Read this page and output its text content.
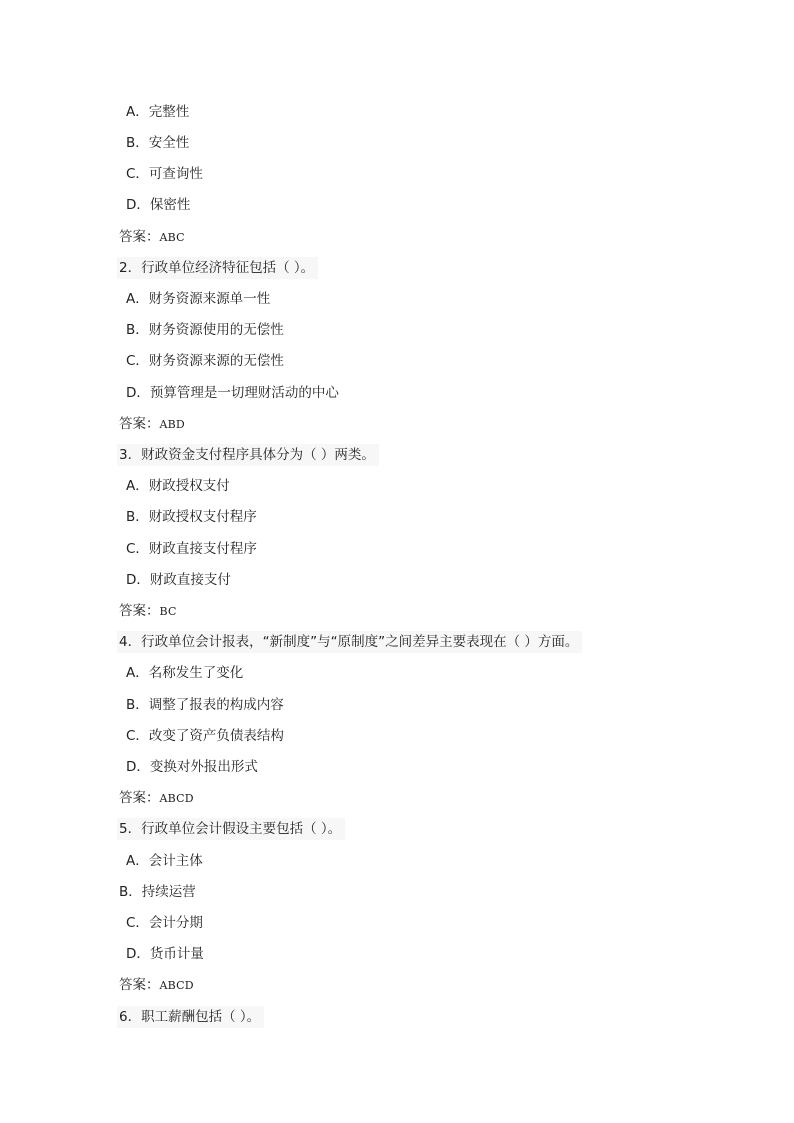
A．完整性
B．安全性
C．可查询性
D．保密性
答案：ABC
2．行政单位经济特征包括（ ）。
A．财务资源来源单一性
B．财务资源使用的无偿性
C．财务资源来源的无偿性
D．预算管理是一切理财活动的中心
答案：ABD
3．财政资金支付程序具体分为（ ）两类。
A．财政授权支付
B．财政授权支付程序
C．财政直接支付程序
D．财政直接支付
答案：BC
4．行政单位会计报表，“新制度”与“原制度”之间差异主要表现在（ ）方面。
A．名称发生了变化
B．调整了报表的构成内容
C．改变了资产负债表结构
D．变换对外报出形式
答案：ABCD
5．行政单位会计假设主要包括（ ）。
A．会计主体
B．持续运营
C．会计分期
D．货币计量
答案：ABCD
6．职工薪酬包括（ ）。
